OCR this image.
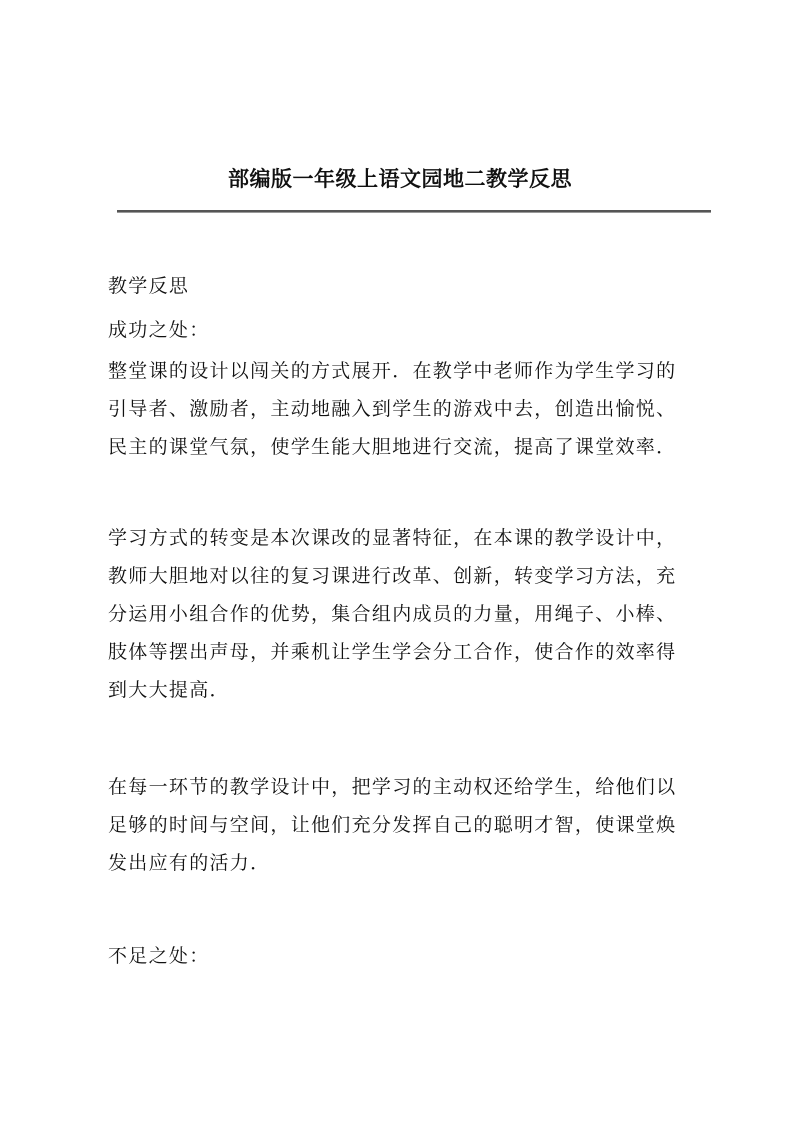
部编版一年级上语文园地二教学反思

教学反思

成功之处：

整堂课的设计以闯关的方式展开．在教学中老师作为学生学习的
引导者、激励者，主动地融入到学生的游戏中去，创造出愉悦、
民主的课堂气氛，使学生能大胆地进行交流，提高了课堂效率．
学习方式的转变是本次课改的显著特征，在本课的教学设计中，
教师大胆地对以往的复习课进行改革、创新，转变学习方法，充
分运用小组合作的优势，集合组内成员的力量，用绳子、小棒、
肢体等摆出声母，并乘机让学生学会分工合作，使合作的效率得
到大大提高．
在每一环节的教学设计中，把学习的主动权还给学生，给他们以
足够的时间与空间，让他们充分发挥自己的聪明才智，使课堂焕
发出应有的活力．

不足之处：
